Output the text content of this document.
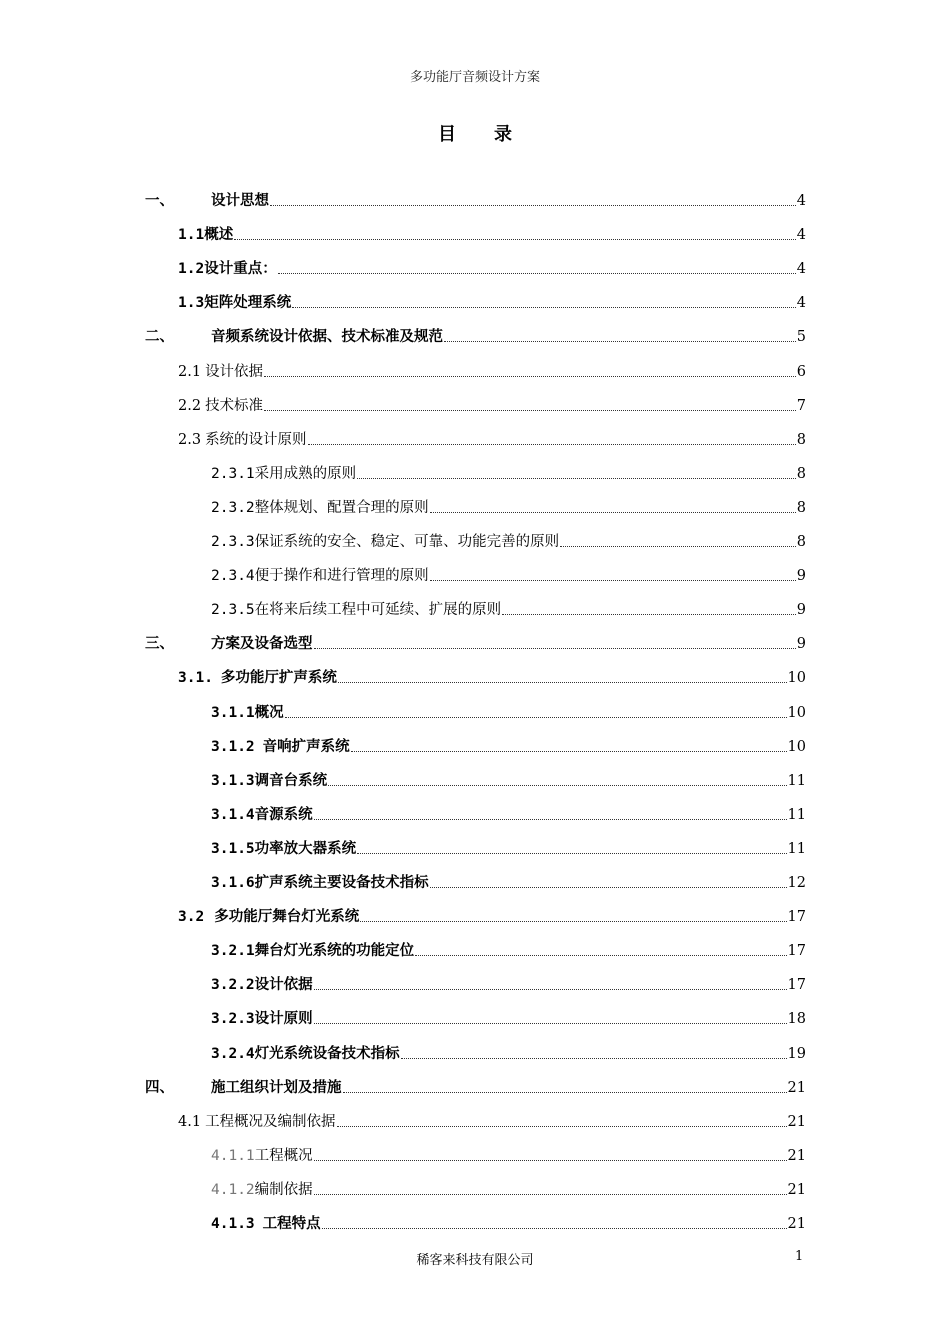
多功能厅音频设计方案
目 录
一、	设计思想	4
1.1 概述	4
1.2 设计重点：	4
1.3 矩阵处理系统	4
二、	音频系统设计依据、技术标准及规范	5
2.1 设计依据	6
2.2 技术标准	7
2.3 系统的设计原则	8
2.3.1 采用成熟的原则	8
2.3.2 整体规划、配置合理的原则	8
2.3.3 保证系统的安全、稳定、可靠、功能完善的原则	8
2.3.4 便于操作和进行管理的原则	9
2.3.5 在将来后续工程中可延续、扩展的原则	9
三、	方案及设备选型	9
3.1. 多功能厅扩声系统	10
3.1.1 概况	10
3.1.2 音响扩声系统	10
3.1.3 调音台系统	11
3.1.4 音源系统	11
3.1.5 功率放大器系统	11
3.1.6 扩声系统主要设备技术指标	12
3.2 多功能厅舞台灯光系统	17
3.2.1 舞台灯光系统的功能定位	17
3.2.2 设计依据	17
3.2.3 设计原则	18
3.2.4 灯光系统设备技术指标	19
四、	施工组织计划及措施	21
4.1 工程概况及编制依据	21
4.1.1 工程概况	21
4.1.2 编制依据	21
4.1.3 工程特点	21
稀客来科技有限公司	1
